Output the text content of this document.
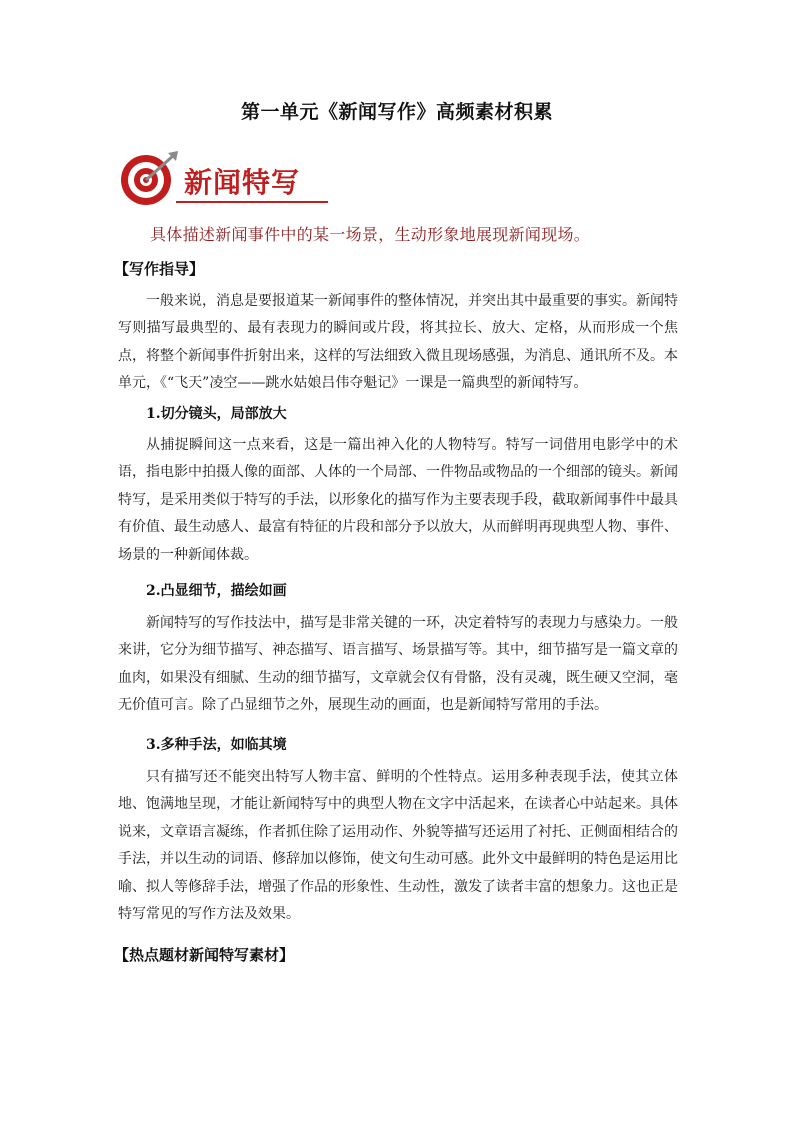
第一单元《新闻写作》高频素材积累
新闻特写
具体描述新闻事件中的某一场景，生动形象地展现新闻现场。
【写作指导】
一般来说，消息是要报道某一新闻事件的整体情况，并突出其中最重要的事实。新闻特写则描写最典型的、最有表现力的瞬间或片段，将其拉长、放大、定格，从而形成一个焦点，将整个新闻事件折射出来，这样的写法细致入微且现场感强，为消息、通讯所不及。本单元，《“飞天”凌空——跳水姑娘吕伟夺魁记》一课是一篇典型的新闻特写。
1.切分镜头，局部放大
从捕捉瞬间这一点来看，这是一篇出神入化的人物特写。特写一词借用电影学中的术语，指电影中拍摄人像的面部、人体的一个局部、一件物品或物品的一个细部的镜头。新闻特写，是采用类似于特写的手法，以形象化的描写作为主要表现手段，截取新闻事件中最具有价值、最生动感人、最富有特征的片段和部分予以放大，从而鲜明再现典型人物、事件、场景的一种新闻体裁。
2.凸显细节，描绘如画
新闻特写的写作技法中，描写是非常关键的一环，决定着特写的表现力与感染力。一般来讲，它分为细节描写、神态描写、语言描写、场景描写等。其中，细节描写是一篇文章的血肉，如果没有细腻、生动的细节描写，文章就会仅有骨骼，没有灵魂，既生硬又空洞，毫无价值可言。除了凸显细节之外，展现生动的画面，也是新闻特写常用的手法。
3.多种手法，如临其境
只有描写还不能突出特写人物丰富、鲜明的个性特点。运用多种表现手法，使其立体地、饱满地呈现，才能让新闻特写中的典型人物在文字中活起来，在读者心中站起来。具体说来，文章语言凝练，作者抓住除了运用动作、外貌等描写还运用了衬托、正侧面相结合的手法，并以生动的词语、修辞加以修饰，使文句生动可感。此外文中最鲜明的特色是运用比喻、拟人等修辞手法，增强了作品的形象性、生动性，激发了读者丰富的想象力。这也正是特写常见的写作方法及效果。
【热点题材新闻特写素材】
